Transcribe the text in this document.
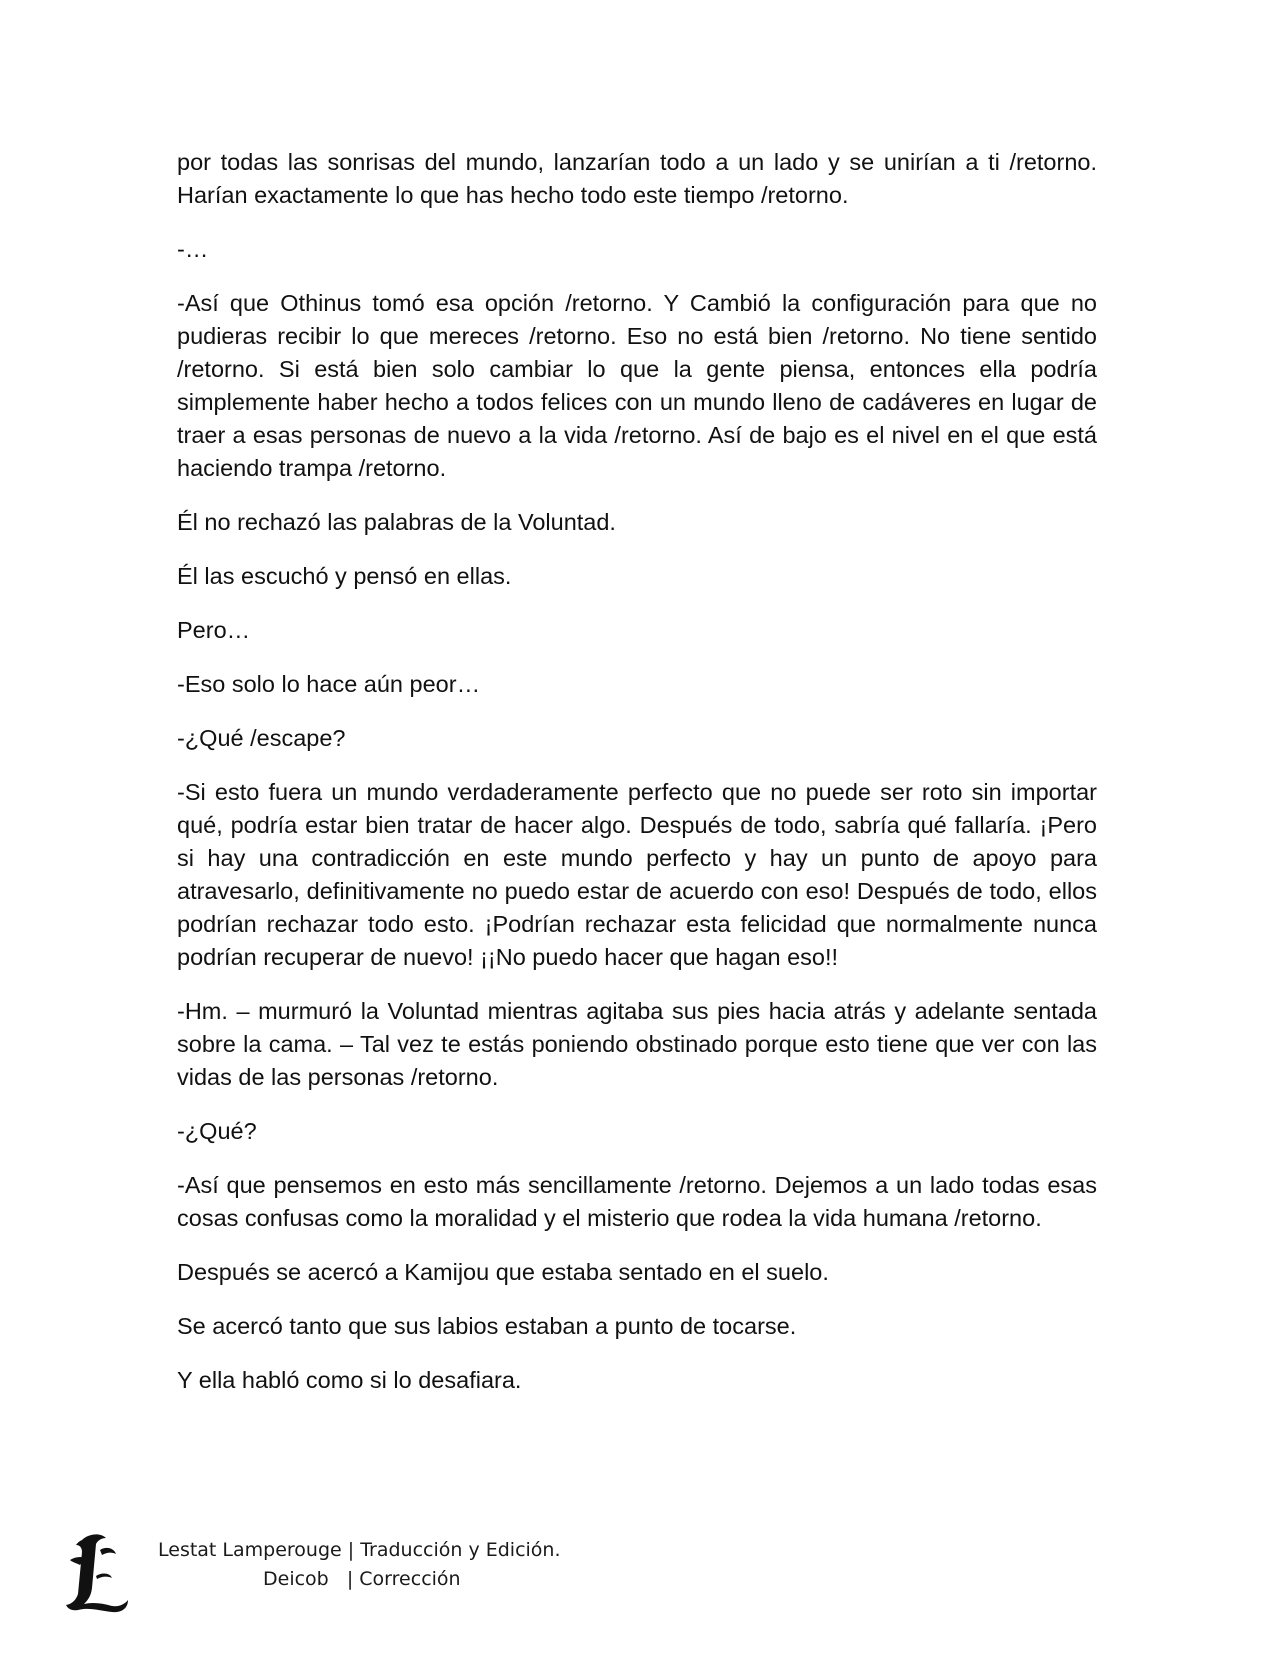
por todas las sonrisas del mundo, lanzarían todo a un lado y se unirían a ti /retorno. Harían exactamente lo que has hecho todo este tiempo /retorno.

-…

-Así que Othinus tomó esa opción /retorno. Y Cambió la configuración para que no pudieras recibir lo que mereces /retorno. Eso no está bien /retorno. No tiene sentido /retorno. Si está bien solo cambiar lo que la gente piensa, entonces ella podría simplemente haber hecho a todos felices con un mundo lleno de cadáveres en lugar de traer a esas personas de nuevo a la vida /retorno. Así de bajo es el nivel en el que está haciendo trampa /retorno.

Él no rechazó las palabras de la Voluntad.

Él las escuchó y pensó en ellas.

Pero…

-Eso solo lo hace aún peor…

-¿Qué /escape?

-Si esto fuera un mundo verdaderamente perfecto que no puede ser roto sin importar qué, podría estar bien tratar de hacer algo. Después de todo, sabría qué fallaría. ¡Pero si hay una contradicción en este mundo perfecto y hay un punto de apoyo para atravesarlo, definitivamente no puedo estar de acuerdo con eso! Después de todo, ellos podrían rechazar todo esto. ¡Podrían rechazar esta felicidad que normalmente nunca podrían recuperar de nuevo! ¡¡No puedo hacer que hagan eso!!

-Hm. – murmuró la Voluntad mientras agitaba sus pies hacia atrás y adelante sentada sobre la cama. – Tal vez te estás poniendo obstinado porque esto tiene que ver con las vidas de las personas /retorno.

-¿Qué?

-Así que pensemos en esto más sencillamente /retorno. Dejemos a un lado todas esas cosas confusas como la moralidad y el misterio que rodea la vida humana /retorno.

Después se acercó a Kamijou que estaba sentado en el suelo.

Se acercó tanto que sus labios estaban a punto de tocarse.

Y ella habló como si lo desafiara.

Lestat Lamperouge | Traducción y Edición.
Deicob   | Corrección
